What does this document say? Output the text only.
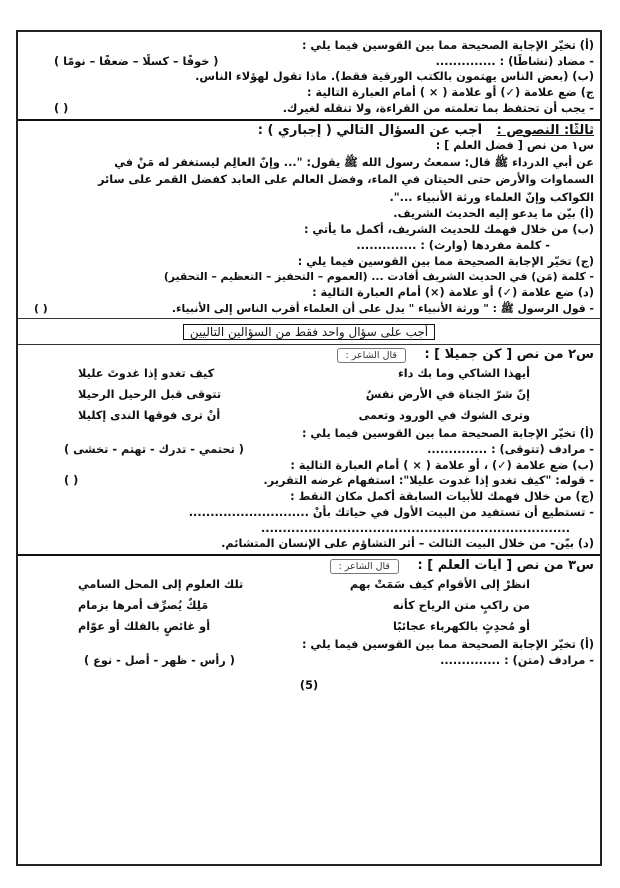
(أ) تخيّر الإجابة الصحيحة مما بين القوسين فيما يلي :
- مضاد (نشاطًا) : ..............
( خوفًا – كسلًا – ضعفًا – نومًا )
(ب) (بعض الناس يهتمون بالكتب الورقية فقط). ماذا تقول لهؤلاء الناس.
ج) ضع علامة (✓) أو علامة ( × ) أمام العبارة التالية :
- يجب أن تحتفظ بما تعلمته من القراءة، ولا تنقله لغيرك.
( )
ثالثًا: النصوص : أجب عن السؤال التالي ( إجباري ) :
س١ من نص [ فضل العلم ] :
عن أبي الدرداء ﷺ قال: سمعتُ رسول الله ﷺ يقول: "... وإنّ العالِم ليستغفر له مَنْ في
السماوات والأرض حتى الحيتان في الماء، وفضل العالم على العابد كفضل القمر على سائر
الكواكب وإنّ العلماء ورثة الأنبياء ...".
(أ) بيّن ما يدعو إليه الحديث الشريف.
(ب) من خلال فهمك للحديث الشريف، أكمل ما يأتي :
- كلمة مفردها (وارث) : ..............
(ج) تخيّر الإجابة الصحيحة مما بين القوسين فيما يلي :
- كلمة (مَن) في الحديث الشريف أفادت ... (العموم – التحفيز – التعظيم – التحقير)
(د) ضع علامة (✓) أو علامة (×) أمام العبارة التالية :
- قول الرسول ﷺ : " ورثة الأنبياء " يدل على أن العلماء أقرب الناس إلى الأنبياء.
( )
أجب على سؤال واحد فقط من السؤالين التاليين
س٢ من نص [ كن جميلًا ] : قال الشاعر :
أيهذا الشاكي وما بك داء
كيف تغدو إذا غدوتَ عليلا
إنّ شرّ الجناة في الأرض نفسٌ
تتوقى قبل الرحيل الرحيلا
وترى الشوك في الورود وتعمى
أنْ ترى فوقها الندى إكليلا
(أ) تخيّر الإجابة الصحيحة مما بين القوسين فيما يلي :
- مرادف (تتوقى) : ..............
( تحتمي - تدرك - تهتم - تخشى )
(ب) ضع علامة (✓) ، أو علامة ( × ) أمام العبارة التالية :
- قوله: "كيف تغدو إذا غدوت عليلا": استفهام غرضه التقرير.
( )
(ج) من خلال فهمك للأبيات السابقة أكمل مكان النقط :
- تستطيع أن تستفيد من البيت الأول في حياتك بأنْ ............................
........................................................................
(د) بيّن- من خلال البيت الثالث – أثر التشاؤم على الإنسان المتشائم.
س٣ من نص [ آيات العلم ] : قال الشاعر :
انظرْ إلى الأقوام كيف سَمَتْ بهم
تلك العلوم إلى المحل السامي
من راكبٍ متن الرياح كأنه
مَلِكٌ يُصرِّف أمرها بزمام
أو مُحدِثٍ بالكهرباء عجائبًا
أو غائصٍ بالفلك أو عوّام
(أ) تخيّر الإجابة الصحيحة مما بين القوسين فيما يلي :
- مرادف (متن) : ..............
( رأس - ظهر - أصل - نوع )
(5)
